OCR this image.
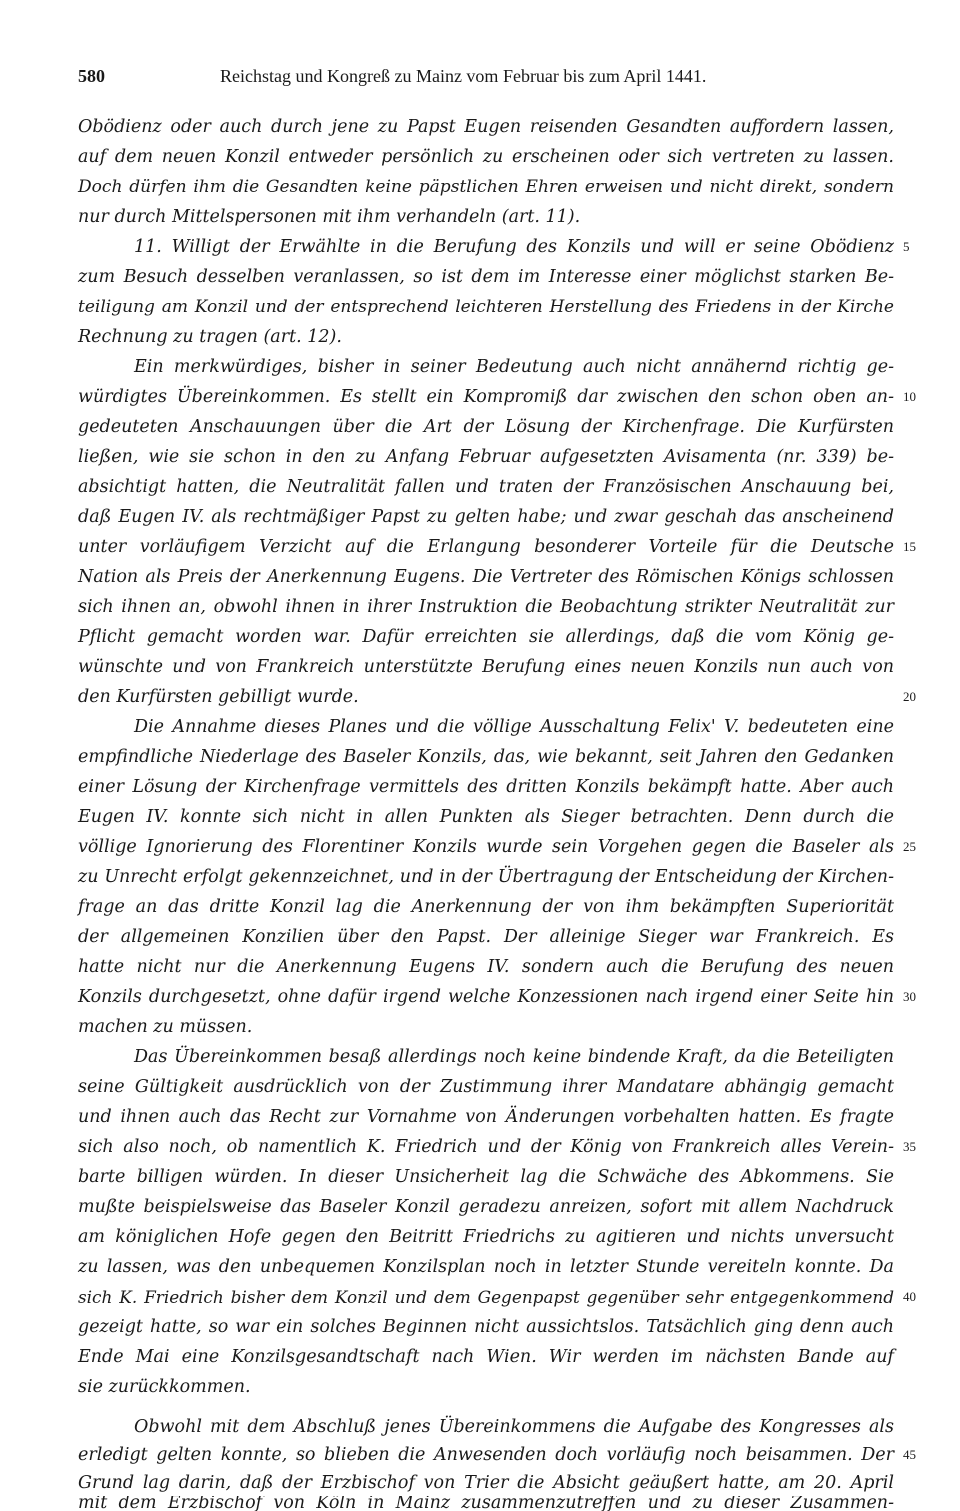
580	Reichstag und Kongreß zu Mainz vom Februar bis zum April 1441.
Obödienz oder auch durch jene zu Papst Eugen reisenden Gesandten auffordern lassen,
auf dem neuen Konzil entweder persönlich zu erscheinen oder sich vertreten zu lassen.
Doch dürfen ihm die Gesandten keine päpstlichen Ehren erweisen und nicht direkt, sondern
nur durch Mittelspersonen mit ihm verhandeln (art. 11).
11. Willigt der Erwählte in die Berufung des Konzils und will er seine Obödienz
zum Besuch desselben veranlassen, so ist dem im Interesse einer möglichst starken Be-
teiligung am Konzil und der entsprechend leichteren Herstellung des Friedens in der Kirche
Rechnung zu tragen (art. 12).
Ein merkwürdiges, bisher in seiner Bedeutung auch nicht annähernd richtig ge-
würdigtes Übereinkommen. Es stellt ein Kompromiß dar zwischen den schon oben an-
gedeuteten Anschauungen über die Art der Lösung der Kirchenfrage. Die Kurfürsten
ließen, wie sie schon in den zu Anfang Februar aufgesetzten Avisamenta (nr. 339) be-
absichtigt hatten, die Neutralität fallen und traten der Französischen Anschauung bei,
daß Eugen IV. als rechtmäßiger Papst zu gelten habe; und zwar geschah das anscheinend
unter vorläufigem Verzicht auf die Erlangung besonderer Vorteile für die Deutsche
Nation als Preis der Anerkennung Eugens. Die Vertreter des Römischen Königs schlossen
sich ihnen an, obwohl ihnen in ihrer Instruktion die Beobachtung strikter Neutralität zur
Pflicht gemacht worden war. Dafür erreichten sie allerdings, daß die vom König ge-
wünschte und von Frankreich unterstützte Berufung eines neuen Konzils nun auch von
den Kurfürsten gebilligt wurde.
Die Annahme dieses Planes und die völlige Ausschaltung Felix' V. bedeuteten eine
empfindliche Niederlage des Baseler Konzils, das, wie bekannt, seit Jahren den Gedanken
einer Lösung der Kirchenfrage vermittels des dritten Konzils bekämpft hatte. Aber auch
Eugen IV. konnte sich nicht in allen Punkten als Sieger betrachten. Denn durch die
völlige Ignorierung des Florentiner Konzils wurde sein Vorgehen gegen die Baseler als
zu Unrecht erfolgt gekennzeichnet, und in der Übertragung der Entscheidung der Kirchen-
frage an das dritte Konzil lag die Anerkennung der von ihm bekämpften Superiorität
der allgemeinen Konzilien über den Papst. Der alleinige Sieger war Frankreich. Es
hatte nicht nur die Anerkennung Eugens IV. sondern auch die Berufung des neuen
Konzils durchgesetzt, ohne dafür irgend welche Konzessionen nach irgend einer Seite hin
machen zu müssen.
Das Übereinkommen besaß allerdings noch keine bindende Kraft, da die Beteiligten
seine Gültigkeit ausdrücklich von der Zustimmung ihrer Mandatare abhängig gemacht
und ihnen auch das Recht zur Vornahme von Änderungen vorbehalten hatten. Es fragte
sich also noch, ob namentlich K. Friedrich und der König von Frankreich alles Verein-
barte billigen würden. In dieser Unsicherheit lag die Schwäche des Abkommens. Sie
mußte beispielsweise das Baseler Konzil geradezu anreizen, sofort mit allem Nachdruck
am königlichen Hofe gegen den Beitritt Friedrichs zu agitieren und nichts unversucht
zu lassen, was den unbequemen Konzilsplan noch in letzter Stunde vereiteln konnte. Da
sich K. Friedrich bisher dem Konzil und dem Gegenpapst gegenüber sehr entgegenkommend
gezeigt hatte, so war ein solches Beginnen nicht aussichtslos. Tatsächlich ging denn auch
Ende Mai eine Konzilsgesandtschaft nach Wien. Wir werden im nächsten Bande auf
sie zurückkommen.
Obwohl mit dem Abschluß jenes Übereinkommens die Aufgabe des Kongresses als
erledigt gelten konnte, so blieben die Anwesenden doch vorläufig noch beisammen. Der
Grund lag darin, daß der Erzbischof von Trier die Absicht geäußert hatte, am 20. April
mit dem Erzbischof von Köln in Mainz zusammenzutreffen und zu dieser Zusammen-
5
10
15
20
25
30
35
40
45
